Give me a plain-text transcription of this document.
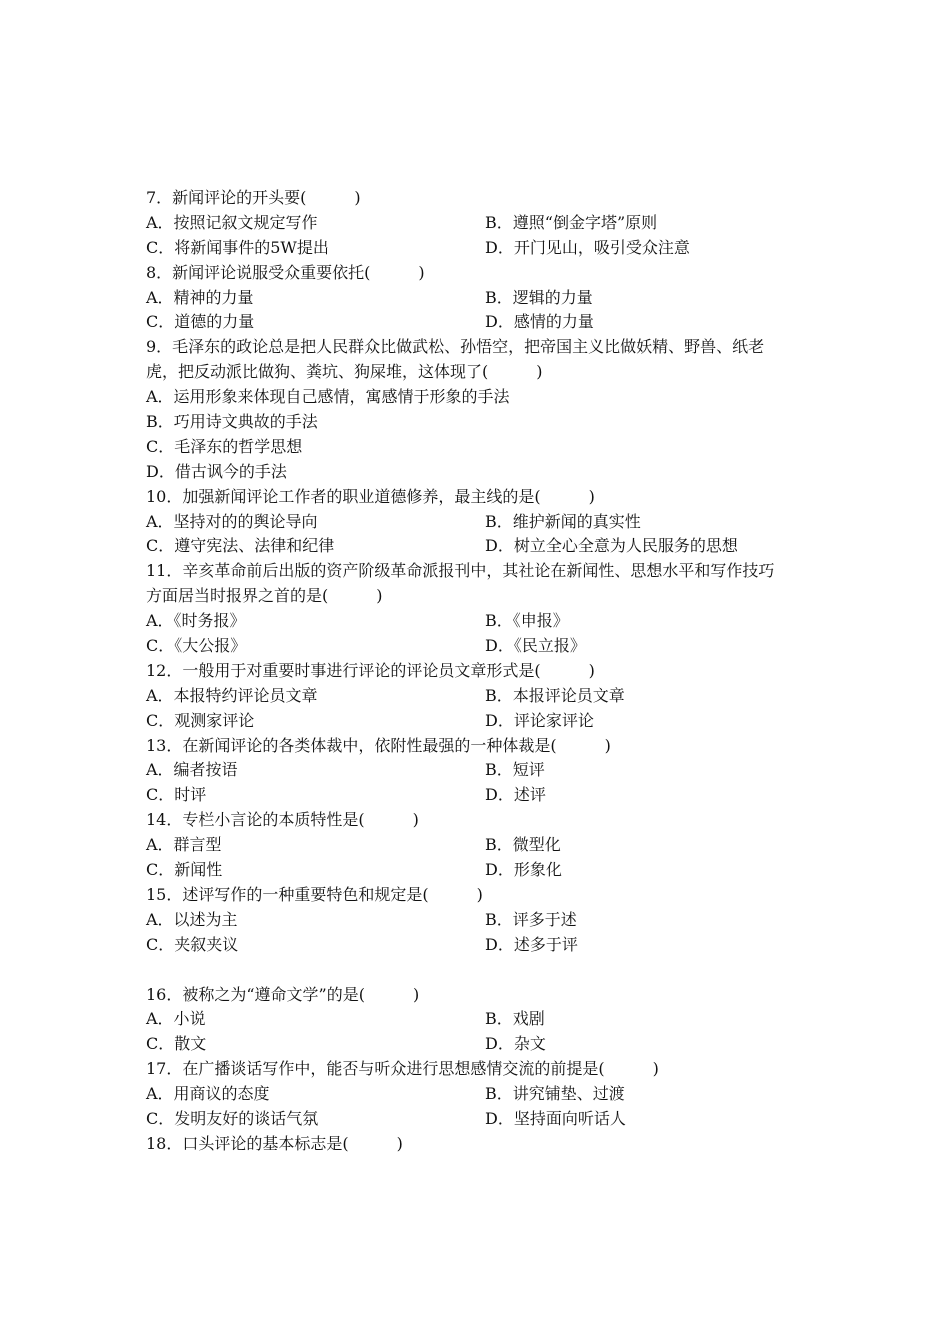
7．新闻评论的开头要(　　　)
A．按照记叙文规定写作	B．遵照“倒金字塔”原则
C．将新闻事件的5W提出	D．开门见山，吸引受众注意
8．新闻评论说服受众重要依托(　　　)
A．精神的力量	B．逻辑的力量
C．道德的力量	D．感情的力量
9．毛泽东的政论总是把人民群众比做武松、孙悟空，把帝国主义比做妖精、野兽、纸老
虎，把反动派比做狗、粪坑、狗屎堆，这体现了(　　　)
A．运用形象来体现自己感情，寓感情于形象的手法
B．巧用诗文典故的手法
C．毛泽东的哲学思想
D．借古讽今的手法
10．加强新闻评论工作者的职业道德修养，最主线的是(　　　)
A．坚持对的的舆论导向	B．维护新闻的真实性
C．遵守宪法、法律和纪律	D．树立全心全意为人民服务的思想
11．辛亥革命前后出版的资产阶级革命派报刊中，其社论在新闻性、思想水平和写作技巧
方面居当时报界之首的是(　　　)
A．《时务报》	B．《申报》
C．《大公报》	D．《民立报》
12．一般用于对重要时事进行评论的评论员文章形式是(　　　)
A．本报特约评论员文章	B．本报评论员文章
C．观测家评论	D．评论家评论
13．在新闻评论的各类体裁中，依附性最强的一种体裁是(　　　)
A．编者按语	B．短评
C．时评	D．述评
14．专栏小言论的本质特性是(　　　)
A．群言型	B．微型化
C．新闻性	D．形象化
15．述评写作的一种重要特色和规定是(　　　)
A．以述为主	B．评多于述
C．夹叙夹议	D．述多于评
16．被称之为“遵命文学”的是(　　　)
A．小说	B．戏剧
C．散文	D．杂文
17．在广播谈话写作中，能否与听众进行思想感情交流的前提是(　　　)
A．用商议的态度	B．讲究铺垫、过渡
C．发明友好的谈话气氛	D．坚持面向听话人
18．口头评论的基本标志是(　　　)
